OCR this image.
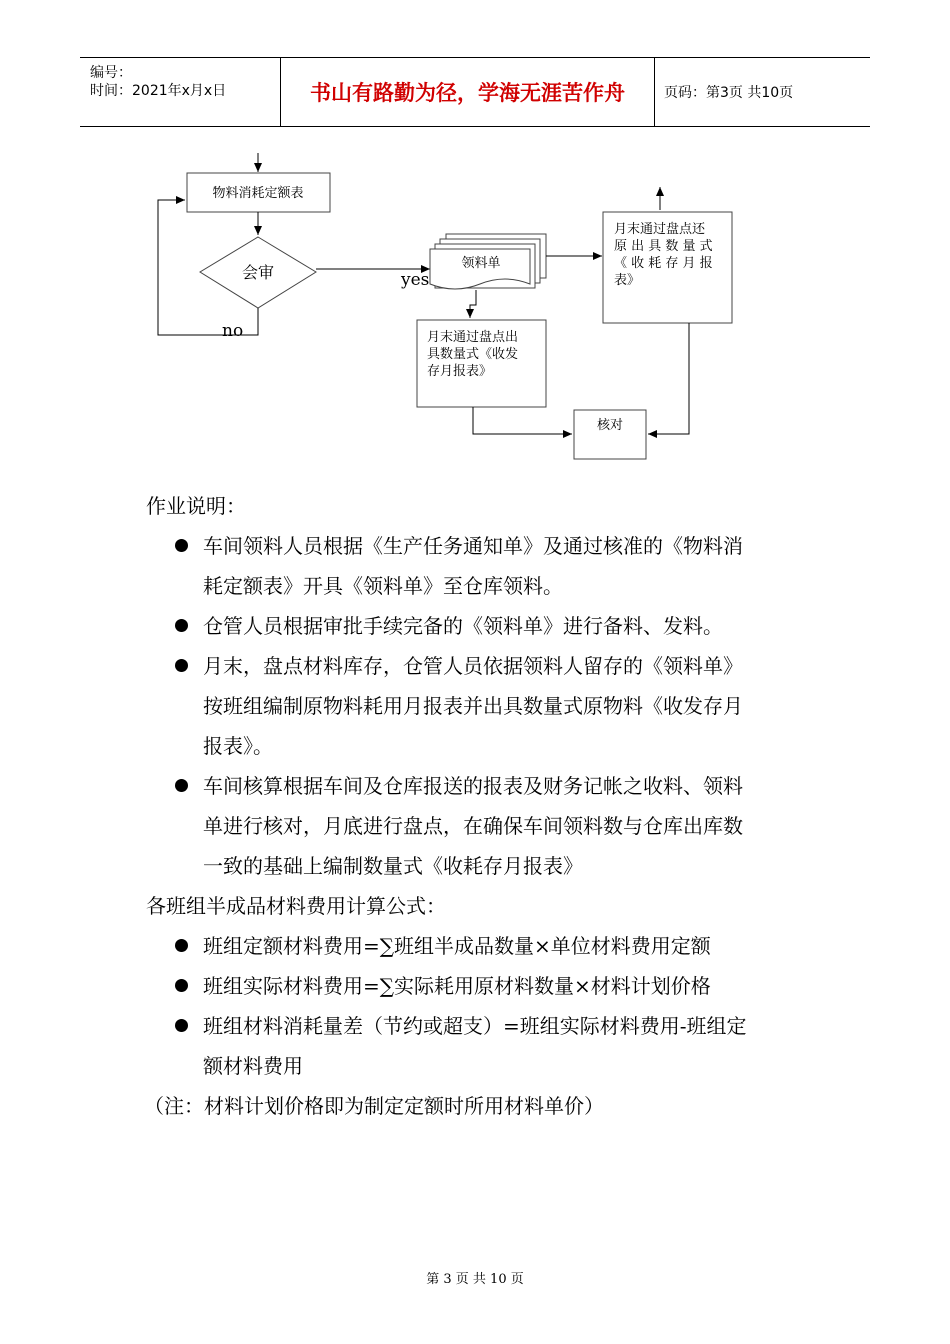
编号：
时间：2021年x月x日	书山有路勤为径，学海无涯苦作舟	页码：第3页 共10页
物料消耗定额表
会审
no
yes
领料单
月末通过盘点出
具数量式《收发
存月报表》
月末通过盘点还
原 出 具 数 量 式
《 收 耗 存 月 报
表》
核对
作业说明：
车间领料人员根据《生产任务通知单》及通过核准的《物料消
耗定额表》开具《领料单》至仓库领料。
仓管人员根据审批手续完备的《领料单》进行备料、发料。
月末，盘点材料库存，仓管人员依据领料人留存的《领料单》
按班组编制原物料耗用月报表并出具数量式原物料《收发存月
报表》。
车间核算根据车间及仓库报送的报表及财务记帐之收料、领料
单进行核对，月底进行盘点，在确保车间领料数与仓库出库数
一致的基础上编制数量式《收耗存月报表》
各班组半成品材料费用计算公式：
班组定额材料费用=∑班组半成品数量×单位材料费用定额
班组实际材料费用=∑实际耗用原材料数量×材料计划价格
班组材料消耗量差（节约或超支）=班组实际材料费用-班组定
额材料费用
（注：材料计划价格即为制定定额时所用材料单价）
第 3 页 共 10 页
